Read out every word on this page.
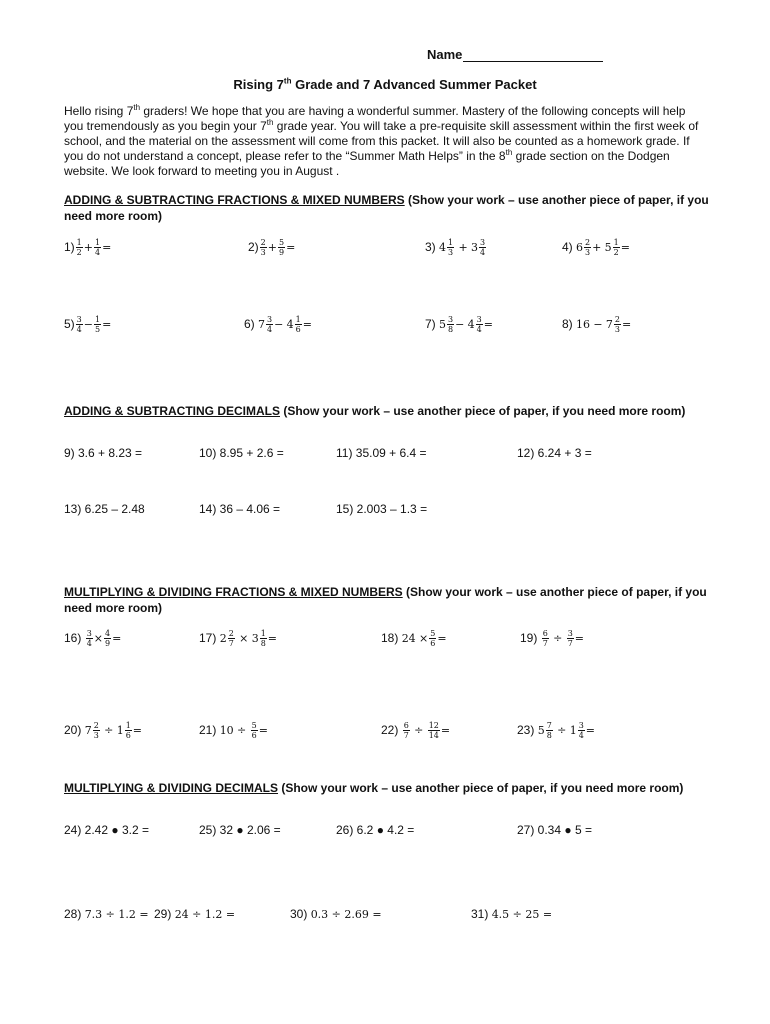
Name
Rising 7th Grade and 7 Advanced Summer Packet
Hello rising 7th graders! We hope that you are having a wonderful summer. Mastery of the following concepts will help you tremendously as you begin your 7th grade year. You will take a pre-requisite skill assessment within the first week of school, and the material on the assessment will come from this packet. It will also be counted as a homework grade. If you do not understand a concept, please refer to the “Summer Math Helps” in the 8th grade section on the Dodgen website. We look forward to meeting you in August .
ADDING & SUBTRACTING FRACTIONS & MIXED NUMBERS (Show your work – use another piece of paper, if you need more room)
$1) \frac{1}{2} + \frac{1}{4}$ =	$2) \frac{2}{3} + \frac{5}{9}$ =	3) $4 \frac{1}{3} + 3 \frac{3}{4}$	4) $6 \frac{2}{3} + 5 \frac{1}{2}$ =
$5) \frac{3}{4} - \frac{1}{5}$ =	6) $7 \frac{3}{4} - 4 \frac{1}{6}$ =	7) $5 \frac{3}{8} - 4 \frac{3}{4}$ =	8) $16 - 7 \frac{2}{3}$ =
ADDING & SUBTRACTING DECIMALS (Show your work – use another piece of paper, if you need more room)
9) 3.6 + 8.23 =	10) 8.95 + 2.6 =	11) 35.09 + 6.4 =	12) 6.24 + 3 =
13) 6.25 – 2.48	14) 36 – 4.06 =	15) 2.003 – 1.3 =
MULTIPLYING & DIVIDING FRACTIONS & MIXED NUMBERS (Show your work – use another piece of paper, if you need more room)
$16) \frac{3}{4} \times \frac{4}{9}$ =	17) $2 \frac{2}{7} \times 3 \frac{1}{8}$ =	18) $24 \times \frac{5}{6}$ =	$19) \frac{6}{7} \div \frac{3}{7}$ =
20) $7 \frac{2}{3} \div 1 \frac{1}{6}$ =	21) $10 \div \frac{5}{6}$ =	$22) \frac{6}{7} \div \frac{12}{14}$ =	23) $5 \frac{7}{8} \div 1 \frac{3}{4}$ =
MULTIPLYING & DIVIDING DECIMALS (Show your work – use another piece of paper, if you need more room)
24) 2.42 ● 3.2 =	25) 32 ● 2.06 =	26) 6.2 ● 4.2 =	27) 0.34 ● 5 =
28) 7.3 ÷ 1.2 = 29) 24 ÷ 1.2 =	30) 0.3 ÷ 2.69 =	31) 4.5 ÷ 25 =
